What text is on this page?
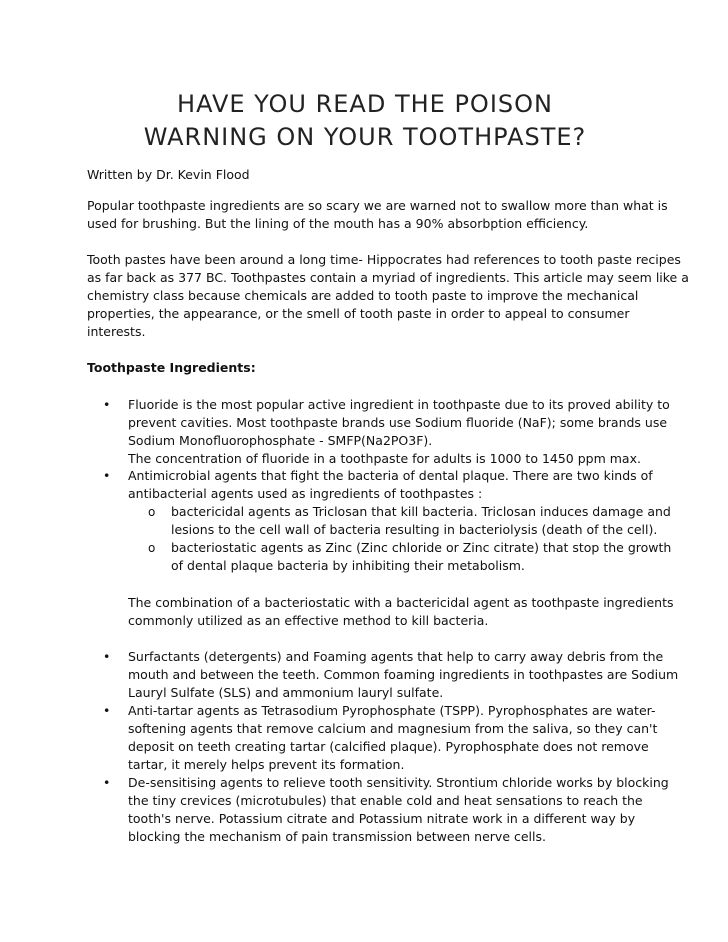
HAVE YOU READ THE POISON
WARNING ON YOUR TOOTHPASTE?

Written by Dr. Kevin Flood

Popular toothpaste ingredients are so scary we are warned not to swallow more than what is
used for brushing. But the lining of the mouth has a 90% absorbption efficiency.

Tooth pastes have been around a long time- Hippocrates had references to tooth paste recipes
as far back as 377 BC. Toothpastes contain a myriad of ingredients. This article may seem like a
chemistry class because chemicals are added to tooth paste to improve the mechanical
properties, the appearance, or the smell of tooth paste in order to appeal to consumer
interests.

Toothpaste Ingredients:

• Fluoride is the most popular active ingredient in toothpaste due to its proved ability to
prevent cavities. Most toothpaste brands use Sodium fluoride (NaF); some brands use
Sodium Monofluorophosphate - SMFP(Na2PO3F).
The concentration of fluoride in a toothpaste for adults is 1000 to 1450 ppm max.

• Antimicrobial agents that fight the bacteria of dental plaque. There are two kinds of
antibacterial agents used as ingredients of toothpastes :

o bactericidal agents as Triclosan that kill bacteria. Triclosan induces damage and
lesions to the cell wall of bacteria resulting in bacteriolysis (death of the cell).

o bacteriostatic agents as Zinc (Zinc chloride or Zinc citrate) that stop the growth
of dental plaque bacteria by inhibiting their metabolism.

The combination of a bacteriostatic with a bactericidal agent as toothpaste ingredients
commonly utilized as an effective method to kill bacteria.

• Surfactants (detergents) and Foaming agents that help to carry away debris from the
mouth and between the teeth. Common foaming ingredients in toothpastes are Sodium
Lauryl Sulfate (SLS) and ammonium lauryl sulfate.

• Anti-tartar agents as Tetrasodium Pyrophosphate (TSPP). Pyrophosphates are water-
softening agents that remove calcium and magnesium from the saliva, so they can't
deposit on teeth creating tartar (calcified plaque). Pyrophosphate does not remove
tartar, it merely helps prevent its formation.

• De-sensitising agents to relieve tooth sensitivity. Strontium chloride works by blocking
the tiny crevices (microtubules) that enable cold and heat sensations to reach the
tooth's nerve. Potassium citrate and Potassium nitrate work in a different way by
blocking the mechanism of pain transmission between nerve cells.
